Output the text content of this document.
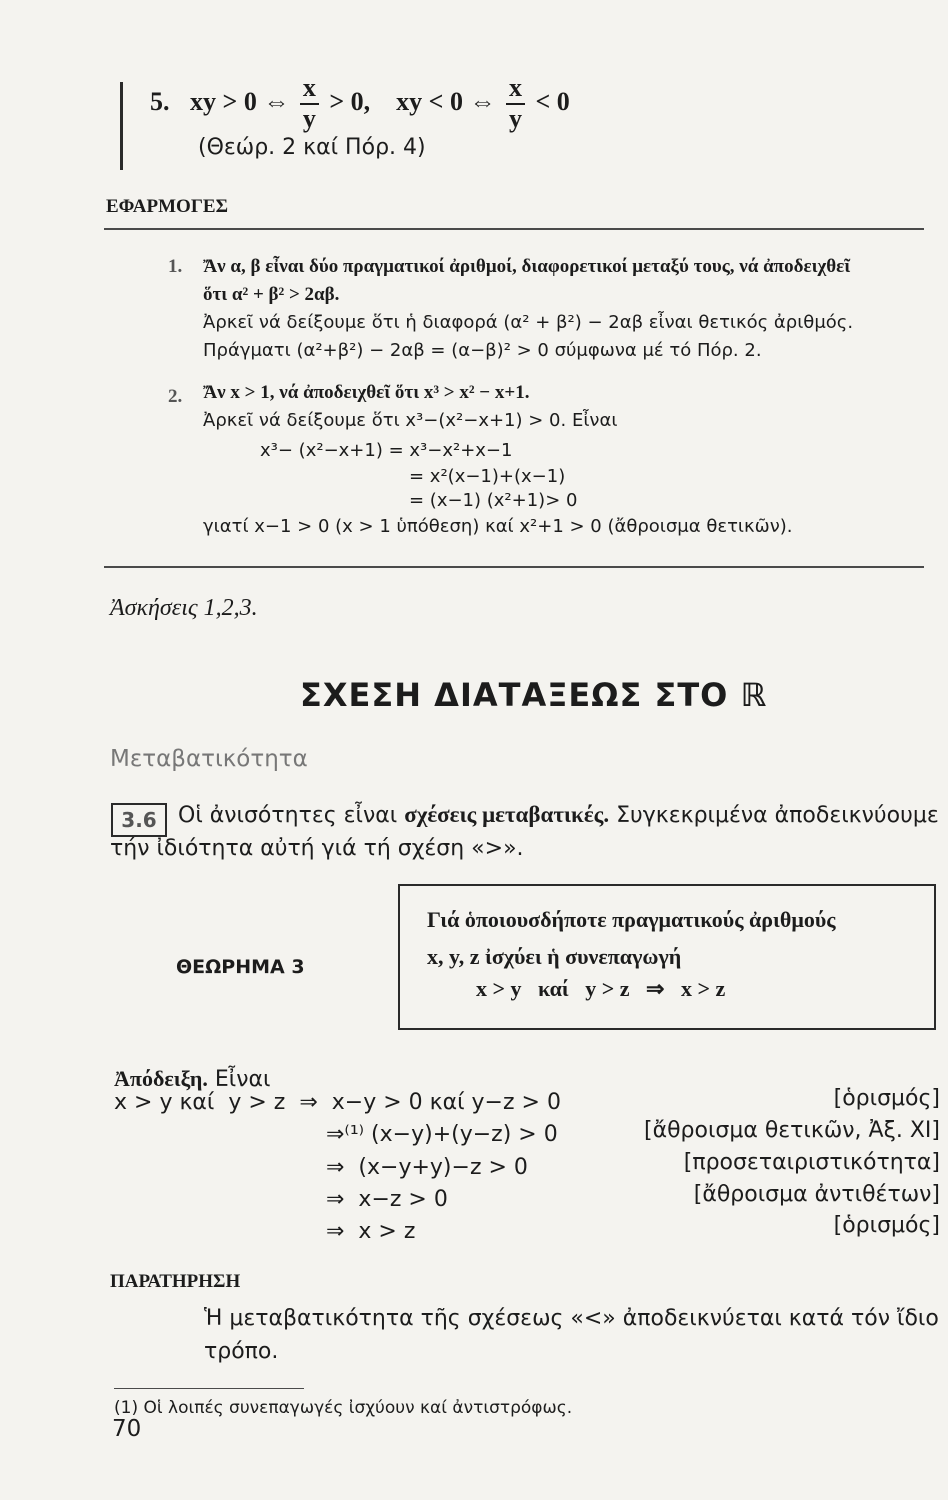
5. xy > 0 ⇔ $\frac{x}{y} > 0$,    xy < 0 ⇔ $\frac{x}{y} < 0$
(Θεώρ. 2 καί Πόρ. 4)
ΕΦΑΡΜΟΓΕΣ
1. Ἄν α, β εἶναι δύο πραγματικοί ἀριθμοί, διαφορετικοί μεταξύ τους, νά ἀποδειχθεῖ
ὅτι α² + β² > 2αβ.
Ἀρκεῖ νά δείξουμε ὅτι ἡ διαφορά (α² + β²) − 2αβ εἶναι θετικός ἀριθμός.
Πράγματι (α²+β²) − 2αβ = (α−β)² > 0 σύμφωνα μέ τό Πόρ. 2.
2. Ἄν x > 1, νά ἀποδειχθεῖ ὅτι x³ > x² − x+1.
Ἀρκεῖ νά δείξουμε ὅτι x³−(x²−x+1) > 0. Εἶναι
x³− (x²−x+1) = x³−x²+x−1
= x²(x−1)+(x−1)
= (x−1) (x²+1)> 0
γιατί x−1 > 0 (x > 1 ὑπόθεση) καί x²+1 > 0 (ἄθροισμα θετικῶν).
Ἀσκήσεις 1,2,3.
ΣΧΕΣΗ ΔΙΑΤΑΞΕΩΣ ΣΤΟ ℝ
Μεταβατικότητα
3.6 Οἱ ἀνισότητες εἶναι σχέσεις μεταβατικές. Συγκεκριμένα ἀποδεικνύουμε
τήν ἰδιότητα αὐτή γιά τή σχέση «>».
ΘΕΩΡΗΜΑ 3
Γιά ὁποιουσδήποτε πραγματικούς ἀριθμούς
x, y, z ἰσχύει ἡ συνεπαγωγή
x > y   καί   y > z   ⇒   x > z
Ἀπόδειξη. Εἶναι
x > y καί  y > z  ⇒  x−y > 0 καί y−z > 0	[ὁρισμός]
⇒⁽¹⁾ (x−y)+(y−z) > 0	[ἄθροισμα θετικῶν, Ἀξ. XI]
⇒  (x−y+y)−z > 0	[προσεταιριστικότητα]
⇒  x−z > 0	[ἄθροισμα ἀντιθέτων]
⇒  x > z	[ὁρισμός]
ΠΑΡΑΤΗΡΗΣΗ
Ἡ μεταβατικότητα τῆς σχέσεως «<» ἀποδεικνύεται κατά τόν ἴδιο
τρόπο.
(1) Οἱ λοιπές συνεπαγωγές ἰσχύουν καί ἀντιστρόφως.
70
